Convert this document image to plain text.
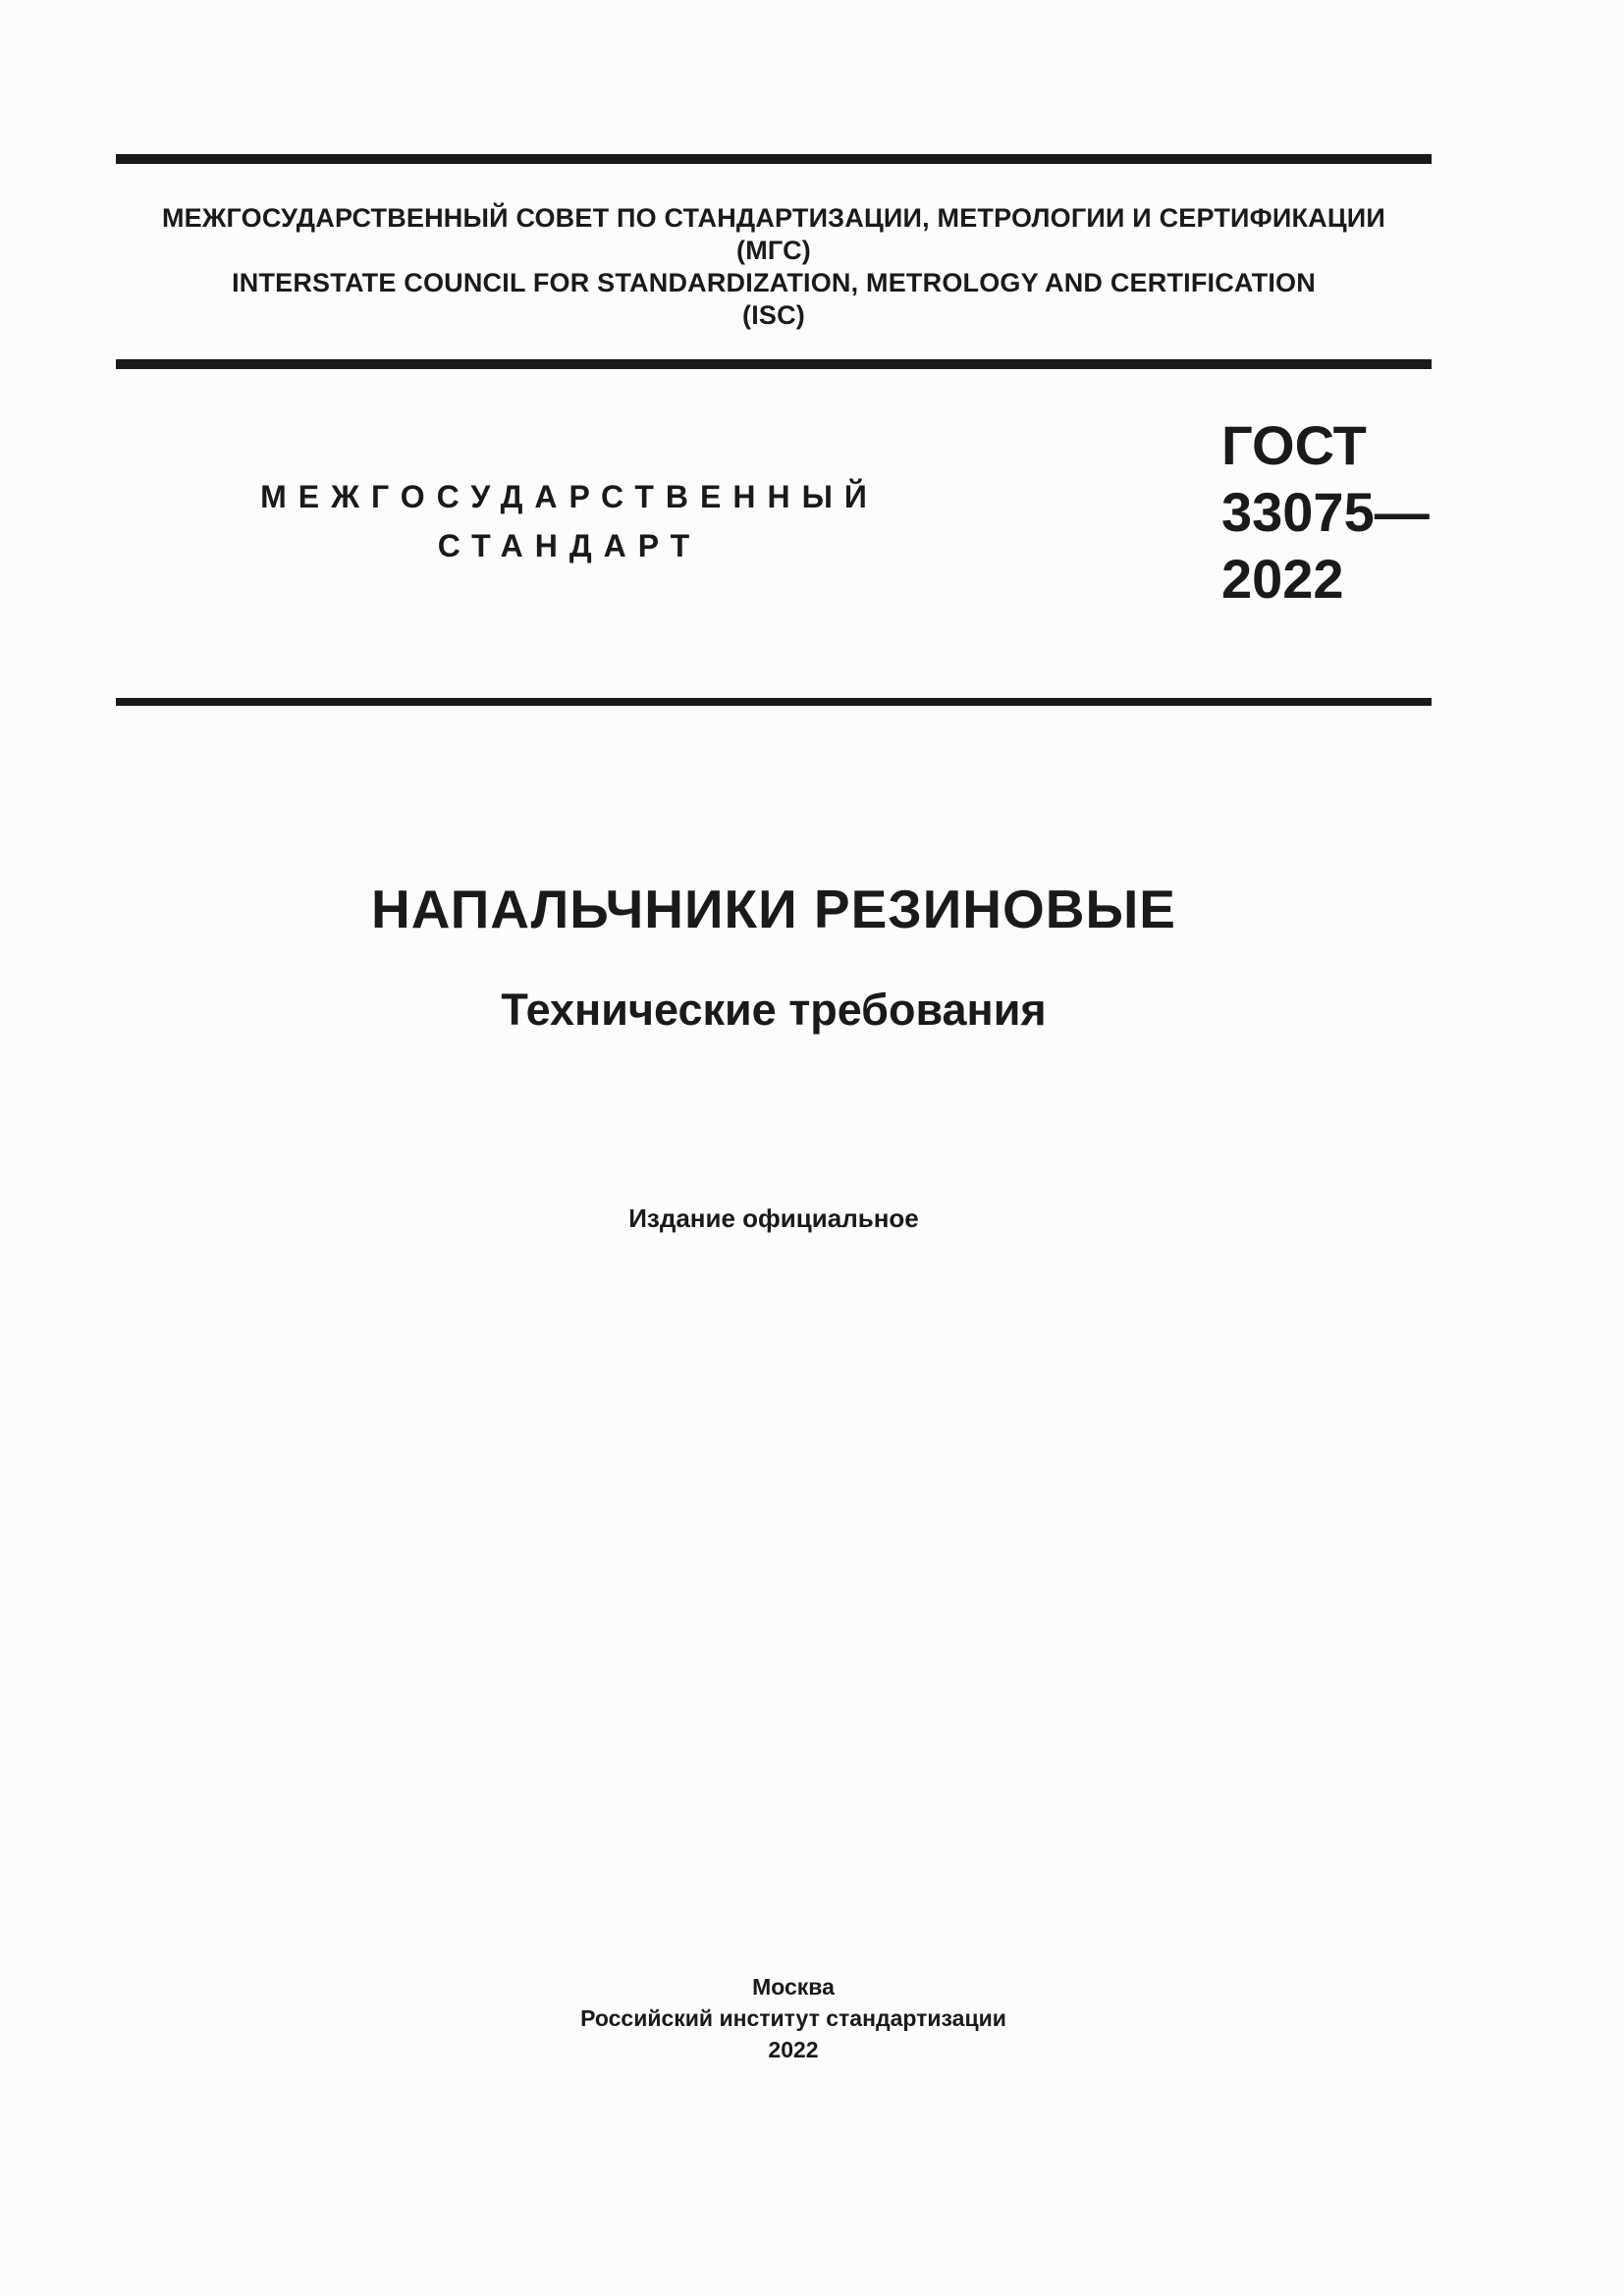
МЕЖГОСУДАРСТВЕННЫЙ СОВЕТ ПО СТАНДАРТИЗАЦИИ, МЕТРОЛОГИИ И СЕРТИФИКАЦИИ
(МГС)
INTERSTATE COUNCIL FOR STANDARDIZATION, METROLOGY AND CERTIFICATION
(ISC)
МЕЖГОСУДАРСТВЕННЫЙ
СТАНДАРТ
ГОСТ
33075—
2022
НАПАЛЬЧНИКИ РЕЗИНОВЫЕ
Технические требования
Издание официальное
Москва
Российский институт стандартизации
2022
